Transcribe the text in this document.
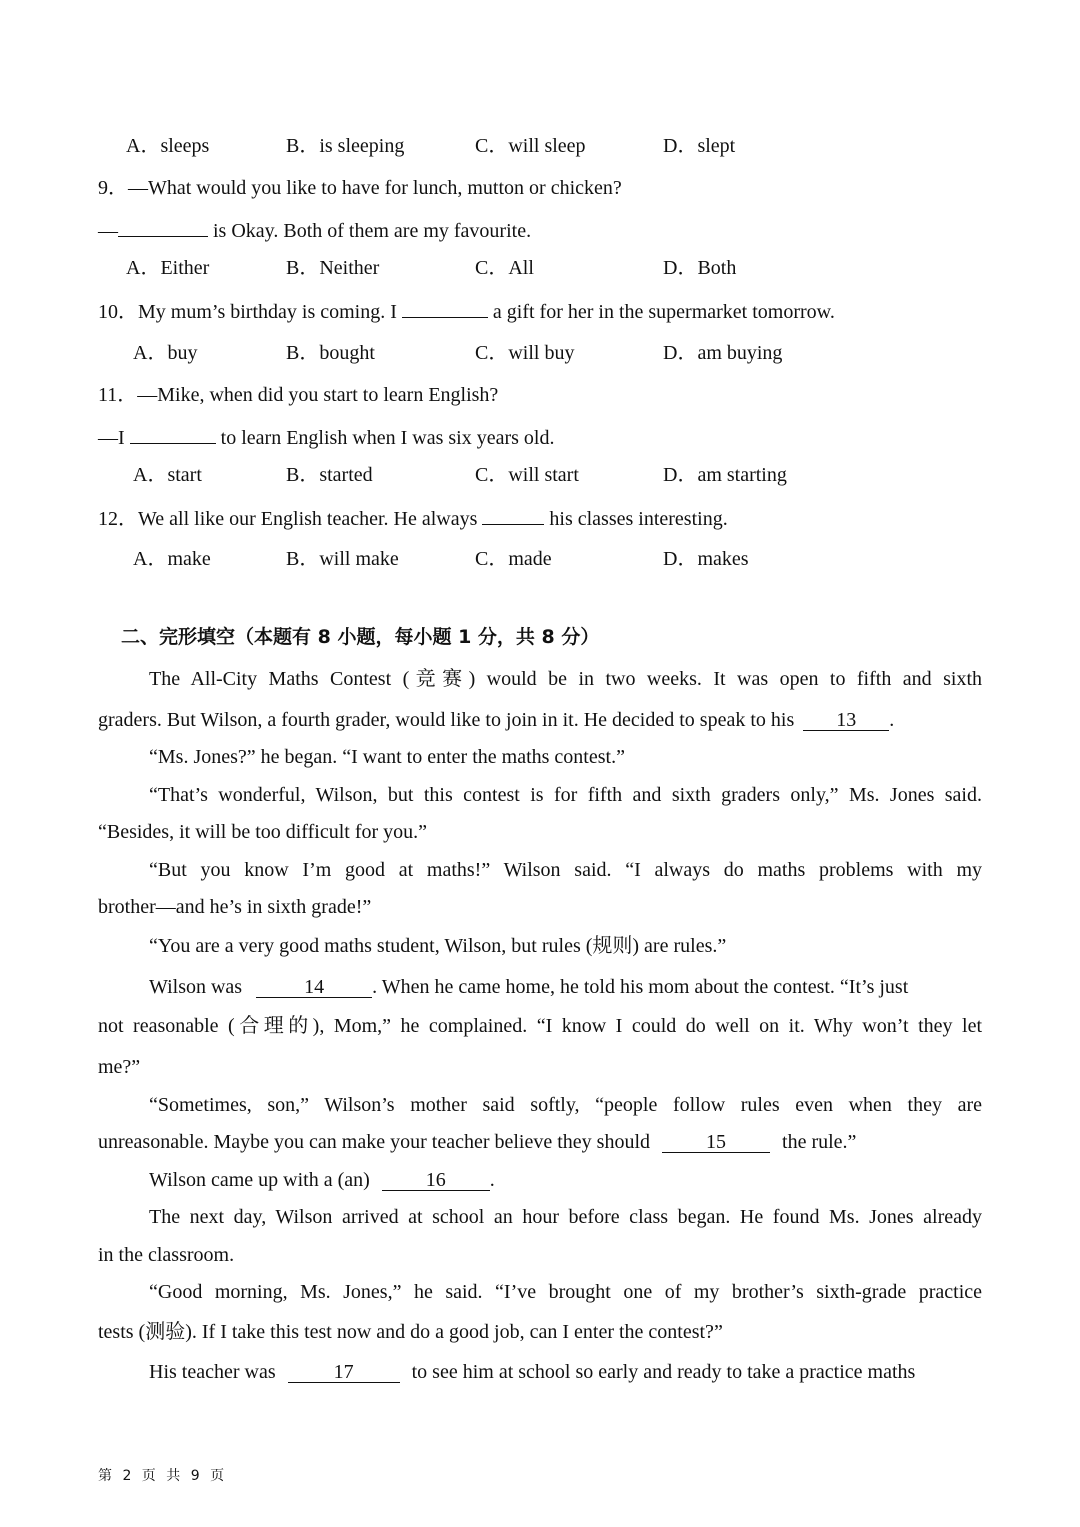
A．sleeps	B．is sleeping	C．will sleep	D．slept
9．—What would you like to have for lunch, mutton or chicken?
—	is Okay. Both of them are my favourite.
A．Either	B．Neither	C．All	D．Both
10．My mum’s birthday is coming. I	a gift for her in the supermarket tomorrow.
A．buy	B．bought	C．will buy	D．am buying
11．—Mike, when did you start to learn English?
—I	to learn English when I was six years old.
A．start	B．started	C．will start	D．am starting
12．We all like our English teacher. He always	his classes interesting.
A．make	B．will make	C．made	D．makes
二、完形填空（本题有 8 小题，每小题 1 分，共 8 分）
The All-City Maths Contest (竞赛) would be in two weeks. It was open to fifth and sixth
graders. But Wilson, a fourth grader, would like to join in it. He decided to speak to his 13 .
“Ms. Jones?” he began. “I want to enter the maths contest.”
“That’s wonderful, Wilson, but this contest is for fifth and sixth graders only,” Ms. Jones said.
“Besides, it will be too difficult for you.”
“But you know I’m good at maths!” Wilson said. “I always do maths problems with my
brother—and he’s in sixth grade!”
“You are a very good maths student, Wilson, but rules (规则) are rules.”
Wilson was	14 . When he came home, he told his mom about the contest. “It’s just
not reasonable (合理的), Mom,” he complained. “I know I could do well on it. Why won’t they let
me?”
“Sometimes, son,” Wilson’s mother said softly, “people follow rules even when they are
unreasonable. Maybe you can make your teacher believe they should	15	the rule.”
Wilson came up with a (an)	16 .
The next day, Wilson arrived at school an hour before class began. He found Ms. Jones already
in the classroom.
“Good morning, Ms. Jones,” he said. “I’ve brought one of my brother’s sixth-grade practice
tests (测验). If I take this test now and do a good job, can I enter the contest?”
His teacher was	17	to see him at school so early and ready to take a practice maths
第 2 页 共 9 页
